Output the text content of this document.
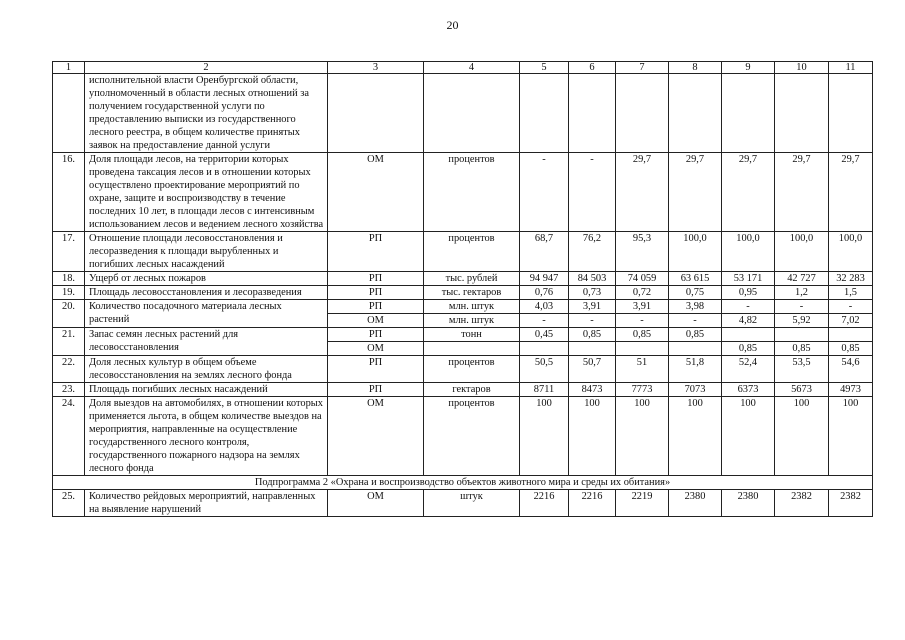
20
1	2	3	4	5	6	7	8	9	10	11
	исполнительной власти Оренбургской области, уполномоченный в области лесных отношений за получением государственной услуги по предоставлению выписки из государственного лесного реестра, в общем количестве принятых заявок на предоставление данной услуги									
16.	Доля площади лесов, на территории которых проведена таксация лесов и в отношении которых осуществлено проектирование мероприятий по охране, защите и воспроизводству в течение последних 10 лет, в площади лесов с интенсивным использованием лесов и ведением лесного хозяйства	ОМ	процентов	-	-	29,7	29,7	29,7	29,7	29,7
17.	Отношение площади лесовосстановления и лесоразведения к площади вырубленных и погибших лесных насаждений	РП	процентов	68,7	76,2	95,3	100,0	100,0	100,0	100,0
18.	Ущерб от лесных пожаров	РП	тыс. рублей	94 947	84 503	74 059	63 615	53 171	42 727	32 283
19.	Площадь лесовосстановления и лесоразведения	РП	тыс. гектаров	0,76	0,73	0,72	0,75	0,95	1,2	1,5
20.	Количество посадочного материала лесных растений	РП	млн. штук	4,03	3,91	3,91	3,98	-	-	-
		ОМ	млн. штук	-	-	-	-	4,82	5,92	7,02
21.	Запас семян лесных растений для лесовосстановления	РП	тонн	0,45	0,85	0,85	0,85			
		ОМ						0,85	0,85	0,85
22.	Доля лесных культур в общем объеме лесовосстановления на землях лесного фонда	РП	процентов	50,5	50,7	51	51,8	52,4	53,5	54,6
23.	Площадь погибших лесных насаждений	РП	гектаров	8711	8473	7773	7073	6373	5673	4973
24.	Доля выездов на автомобилях, в отношении которых применяется льгота, в общем количестве выездов на мероприятия, направленные на осуществление государственного лесного контроля, государственного пожарного надзора на землях лесного фонда	ОМ	процентов	100	100	100	100	100	100	100
Подпрограмма 2 «Охрана и воспроизводство объектов животного мира и среды их обитания»										
25.	Количество рейдовых мероприятий, направленных на выявление нарушений	ОМ	штук	2216	2216	2219	2380	2380	2382	2382
